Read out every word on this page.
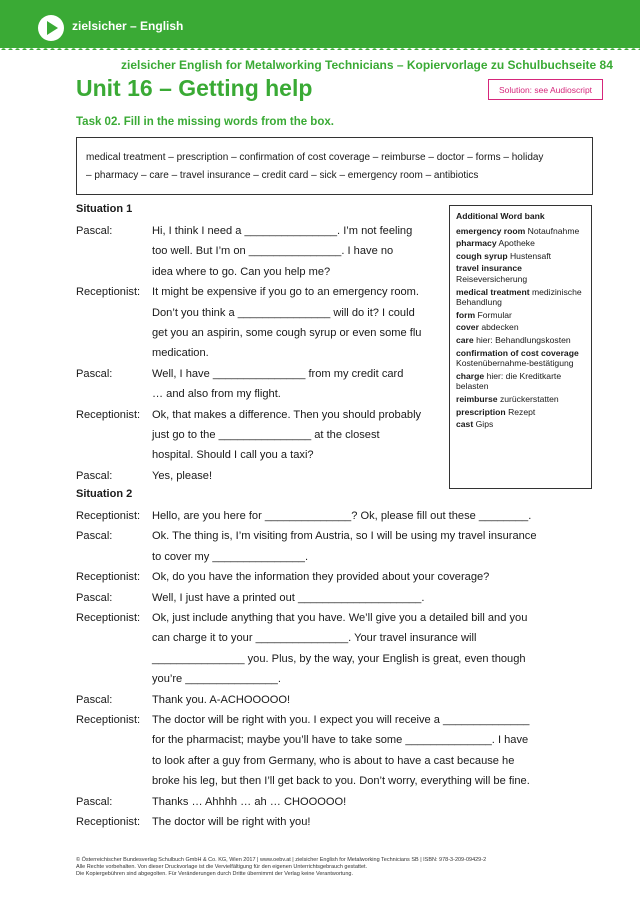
zielsicher – English
zielsicher English for Metalworking Technicians – Kopiervorlage zu Schulbuchseite 84
Unit 16 – Getting help	Solution: see Audioscript
Task 02. Fill in the missing words from the box.
medical treatment – prescription – confirmation of cost coverage – reimburse – doctor – forms – holiday
– pharmacy – care – travel insurance – credit card – sick – emergency room – antibiotics
Situation 1
Situation 2
Pascal:	Hi, I think I need a _______________. I’m not feeling
too well. But I’m on _______________. I have no
idea where to go. Can you help me?
Receptionist: It might be expensive if you go to an emergency room.
Don’t you think a _______________ will do it? I could
get you an aspirin, some cough syrup or even some flu
medication.
Pascal:	Well, I have _______________ from my credit card
… and also from my flight.
Receptionist: Ok, that makes a difference. Then you should probably
just go to the _______________ at the closest
hospital. Should I call you a taxi?
Pascal:	Yes, please!
Receptionist: Hello, are you here for ______________? Ok, please fill out these ________.
Pascal:	Ok. The thing is, I’m visiting from Austria, so I will be using my travel insurance
to cover my _______________.
Receptionist: Ok, do you have the information they provided about your coverage?
Pascal:	Well, I just have a printed out ____________________.
Receptionist: Ok, just include anything that you have. We’ll give you a detailed bill and you
can charge it to your _______________. Your travel insurance will
_______________ you. Plus, by the way, your English is great, even though
you’re _______________.
Pascal:	Thank you. A-ACHOOOOO!
Receptionist: The doctor will be right with you. I expect you will receive a ______________
for the pharmacist; maybe you’ll have to take some ______________. I have
to look after a guy from Germany, who is about to have a cast because he
broke his leg, but then I’ll get back to you. Don’t worry, everything will be fine.
Pascal:	Thanks … Ahhhh … ah … CHOOOOO!
Receptionist: The doctor will be right with you!
Additional Word bank
emergency room Notaufnahme
pharmacy Apotheke
cough syrup Hustensaft
travel insurance Reiseversicherung
medical treatment medizinische Behandlung
form Formular
cover abdecken
care hier: Behandlungskosten
confirmation of cost coverage Kostenübernahme-bestätigung
charge hier: die Kreditkarte belasten
reimburse zurückerstatten
prescription Rezept
cast Gips
© Österreichischer Bundesverlag Schulbuch GmbH & Co. KG, Wien 2017 | www.oebv.at | zielsicher English for Metalworking Technicians SB | ISBN: 978-3-209-09429-2
Alle Rechte vorbehalten. Von dieser Druckvorlage ist die Vervielfältigung für den eigenen Unterrichtsgebrauch gestattet.
Die Kopiergebühren sind abgegolten. Für Veränderungen durch Dritte übernimmt der Verlag keine Verantwortung.
